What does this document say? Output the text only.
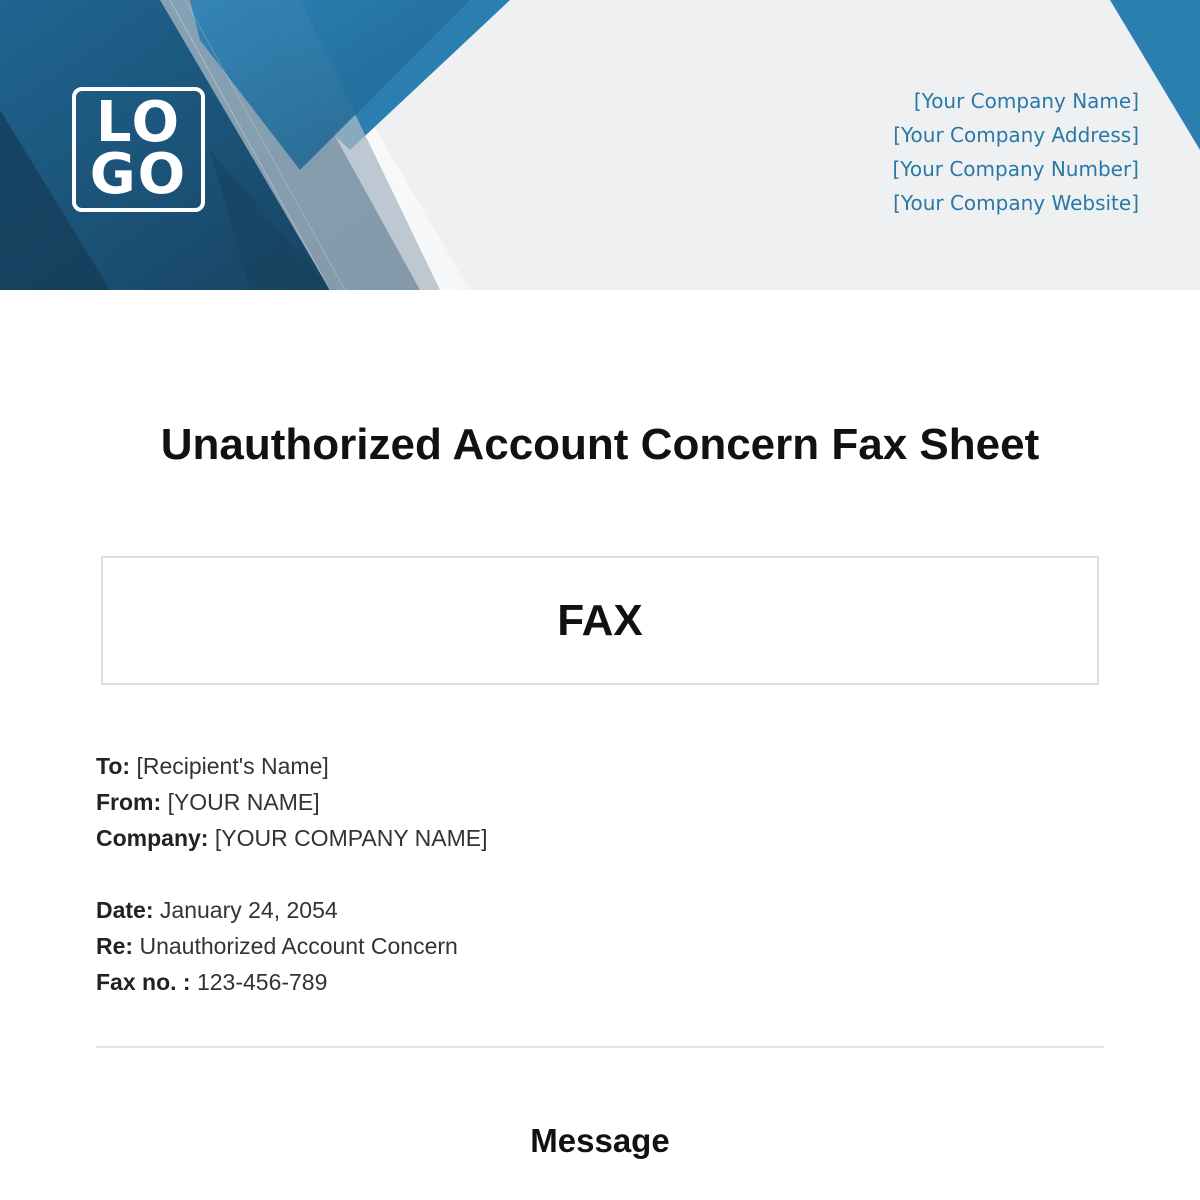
LO
GO
[Your Company Name]
[Your Company Address]
[Your Company Number]
[Your Company Website]
Unauthorized Account Concern Fax Sheet
FAX
To: [Recipient's Name]
From: [YOUR NAME]
Company: [YOUR COMPANY NAME]
Date: January 24, 2054
Re: Unauthorized Account Concern
Fax no. : 123-456-789
Message
